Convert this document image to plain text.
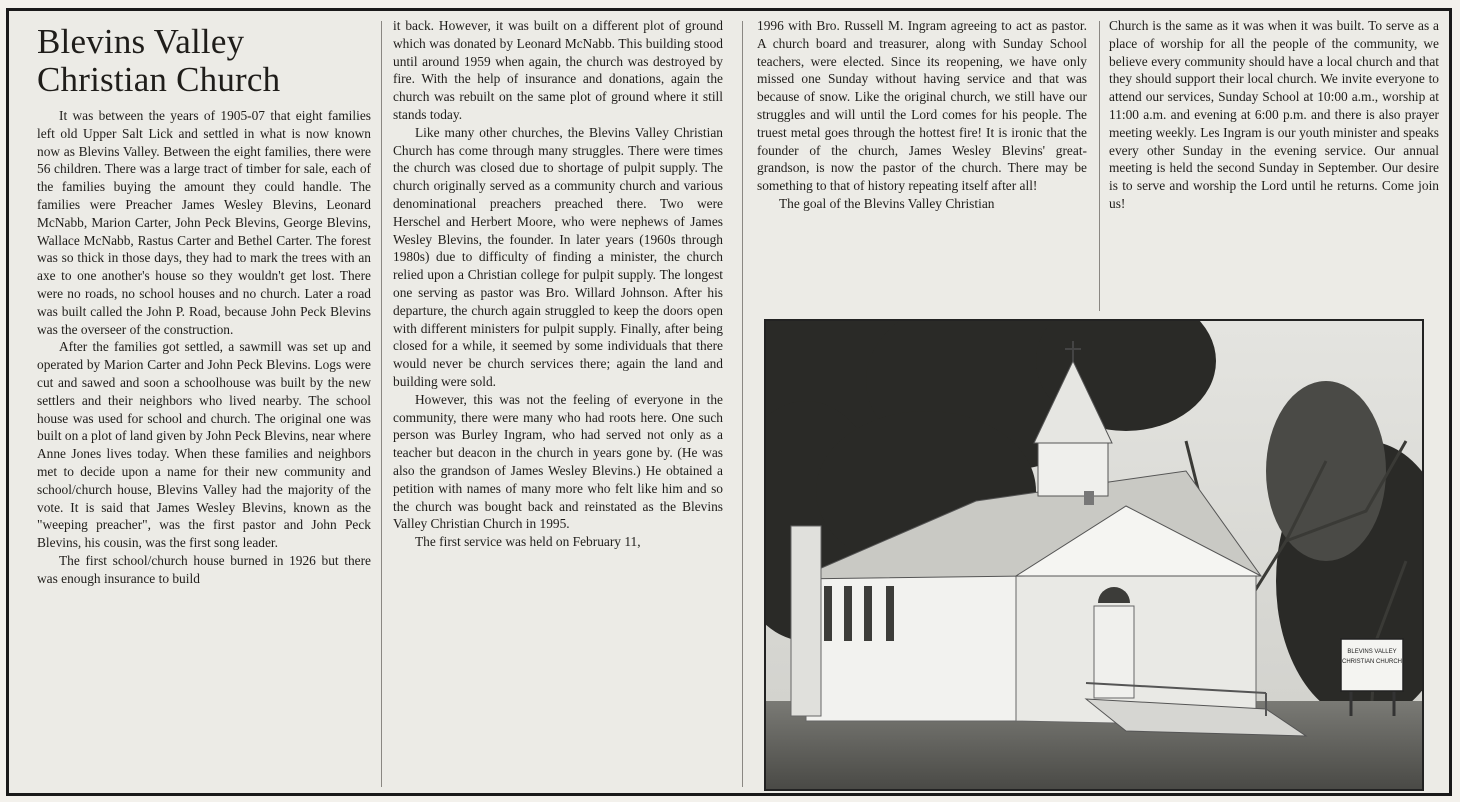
Blevins Valley
Christian Church

It was between the years of 1905-07 that eight families left old Upper Salt Lick and settled in what is now known now as Blevins Valley. Between the eight families, there were 56 children. There was a large tract of timber for sale, each of the families buying the amount they could handle. The families were Preacher James Wesley Blevins, Leonard McNabb, Marion Carter, John Peck Blevins, George Blevins, Wallace McNabb, Rastus Carter and Bethel Carter. The forest was so thick in those days, they had to mark the trees with an axe to one another's house so they wouldn't get lost. There were no roads, no school houses and no church. Later a road was built called the John P. Road, because John Peck Blevins was the overseer of the construction.

After the families got settled, a sawmill was set up and operated by Marion Carter and John Peck Blevins. Logs were cut and sawed and soon a schoolhouse was built by the new settlers and their neighbors who lived nearby. The school house was used for school and church. The original one was built on a plot of land given by John Peck Blevins, near where Anne Jones lives today. When these families and neighbors met to decide upon a name for their new community and school/church house, Blevins Valley had the majority of the vote. It is said that James Wesley Blevins, known as the "weeping preacher", was the first pastor and John Peck Blevins, his cousin, was the first song leader.

The first school/church house burned in 1926 but there was enough insurance to build

it back. However, it was built on a different plot of ground which was donated by Leonard McNabb. This building stood until around 1959 when again, the church was destroyed by fire. With the help of insurance and donations, again the church was rebuilt on the same plot of ground where it still stands today.

Like many other churches, the Blevins Valley Christian Church has come through many struggles. There were times the church was closed due to shortage of pulpit supply. The church originally served as a community church and various denominational preachers preached there. Two were Herschel and Herbert Moore, who were nephews of James Wesley Blevins, the founder. In later years (1960s through 1980s) due to difficulty of finding a minister, the church relied upon a Christian college for pulpit supply. The longest one serving as pastor was Bro. Willard Johnson. After his departure, the church again struggled to keep the doors open with different ministers for pulpit supply. Finally, after being closed for a while, it seemed by some individuals that there would never be church services there; again the land and building were sold.

However, this was not the feeling of everyone in the community, there were many who had roots here. One such person was Burley Ingram, who had served not only as a teacher but deacon in the church in years gone by. (He was also the grandson of James Wesley Blevins.) He obtained a petition with names of many more who felt like him and so the church was bought back and reinstated as the Blevins Valley Christian Church in 1995.

The first service was held on February 11,

1996 with Bro. Russell M. Ingram agreeing to act as pastor. A church board and treasurer, along with Sunday School teachers, were elected. Since its reopening, we have only missed one Sunday without having service and that was because of snow. Like the original church, we still have our struggles and will until the Lord comes for his people. The truest metal goes through the hottest fire! It is ironic that the founder of the church, James Wesley Blevins' great-grandson, is now the pastor of the church. There may be something to that of history repeating itself after all!

The goal of the Blevins Valley Christian

Church is the same as it was when it was built. To serve as a place of worship for all the people of the community, we believe every community should have a local church and that they should support their local church. We invite everyone to attend our services, Sunday School at 10:00 a.m., worship at 11:00 a.m. and evening at 6:00 p.m. and there is also prayer meeting weekly. Les Ingram is our youth minister and speaks every other Sunday in the evening service. Our annual meeting is held the second Sunday in September. Our desire is to serve and worship the Lord until he returns. Come join us!

BLEVINS VALLEY
CHRISTIAN CHURCH
